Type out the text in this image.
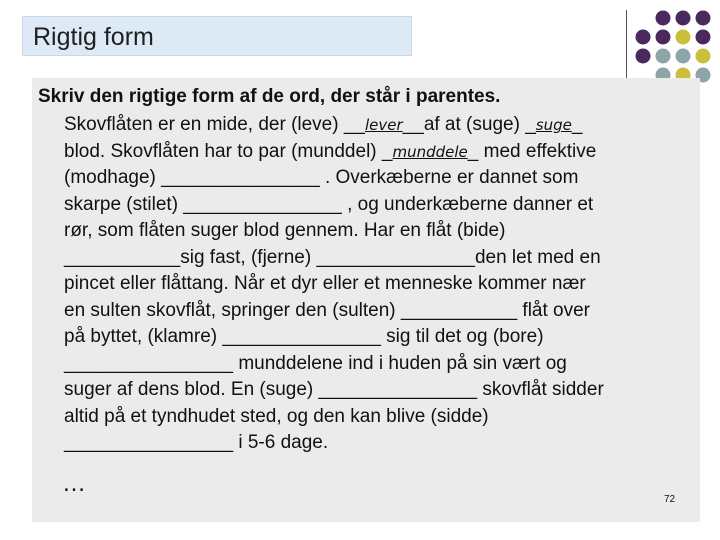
Rigtig form
Skriv den rigtige form af de ord, der står i parentes.
Skovflåten er en mide, der (leve) __lever__af at (suge) _suge_
blod. Skovflåten har to par (munddel) _munddele_ med effektive
(modhage) _______________ . Overkæberne er dannet som
skarpe (stilet) _______________ , og underkæberne danner et
rør, som flåten suger blod gennem. Har en flåt (bide)
___________sig fast, (fjerne) _______________den let med en
pincet eller flåttang. Når et dyr eller et menneske kommer nær
en sulten skovflåt, springer den (sulten) ___________ flåt over
på byttet, (klamre) _______________ sig til det og (bore)
________________ munddelene ind i huden på sin vært og
suger af dens blod. En (suge) _______________ skovflåt sidder
altid på et tyndhudet sted, og den kan blive (sidde)
________________ i 5-6 dage.
…
72
